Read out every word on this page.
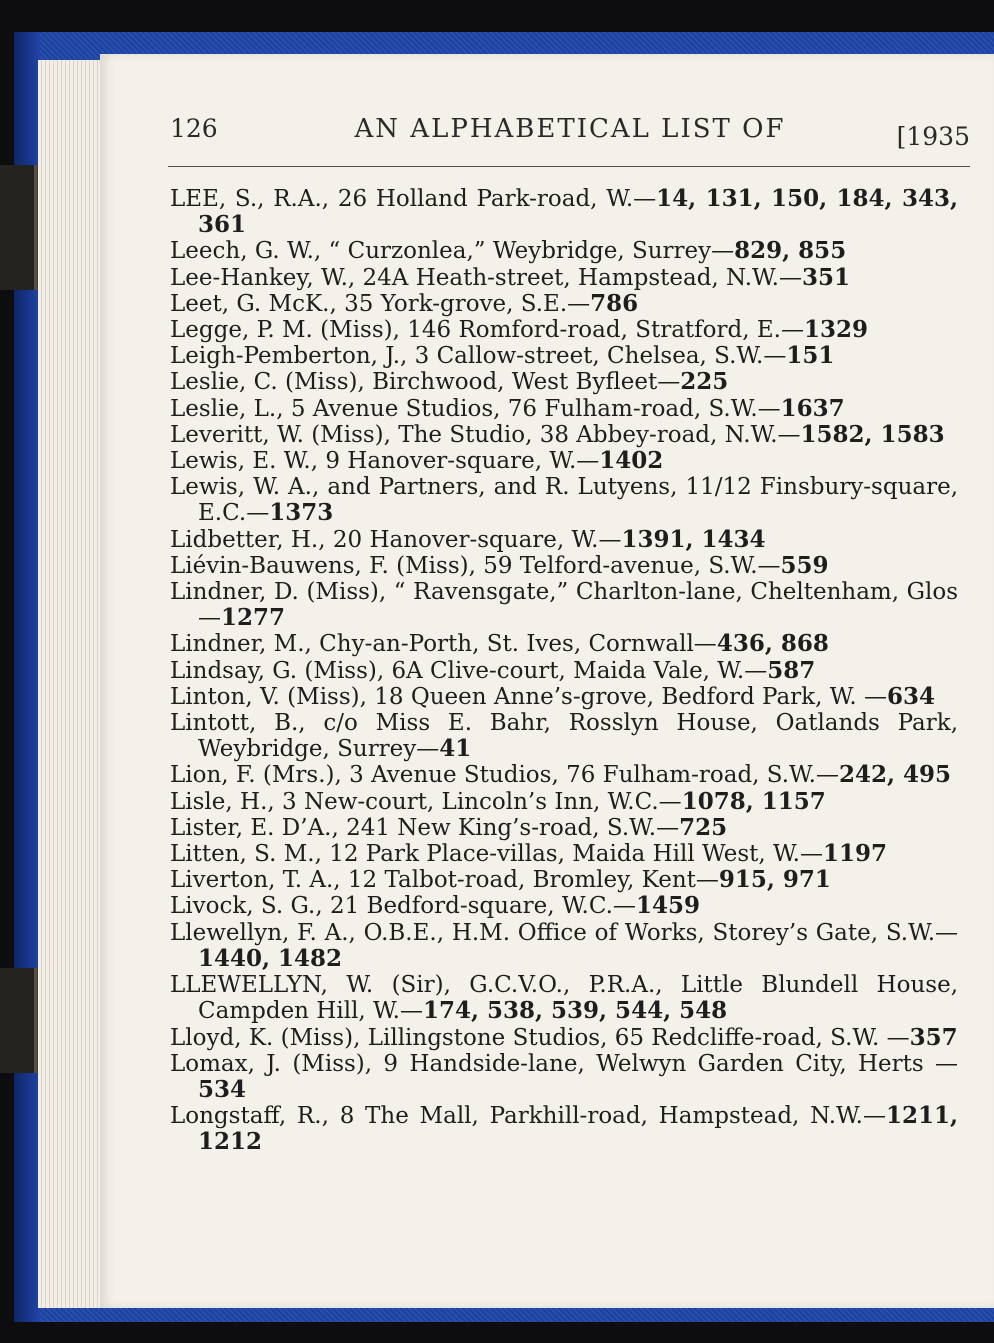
126	AN ALPHABETICAL LIST OF	[1935
LEE, S., R.A., 26 Holland Park-road, W.—14, 131, 150, 184, 343, 361
Leech, G. W., “ Curzonlea,” Weybridge, Surrey—829, 855
Lee-Hankey, W., 24A Heath-street, Hampstead, N.W.—351
Leet, G. McK., 35 York-grove, S.E.—786
Legge, P. M. (Miss), 146 Romford-road, Stratford, E.—1329
Leigh-Pemberton, J., 3 Callow-street, Chelsea, S.W.—151
Leslie, C. (Miss), Birchwood, West Byfleet—225
Leslie, L., 5 Avenue Studios, 76 Fulham-road, S.W.—1637
Leveritt, W. (Miss), The Studio, 38 Abbey-road, N.W.—1582, 1583
Lewis, E. W., 9 Hanover-square, W.—1402
Lewis, W. A., and Partners, and R. Lutyens, 11/12 Finsbury-square, E.C.—1373
Lidbetter, H., 20 Hanover-square, W.—1391, 1434
Liévin-Bauwens, F. (Miss), 59 Telford-avenue, S.W.—559
Lindner, D. (Miss), “ Ravensgate,” Charlton-lane, Cheltenham, Glos—1277
Lindner, M., Chy-an-Porth, St. Ives, Cornwall—436, 868
Lindsay, G. (Miss), 6A Clive-court, Maida Vale, W.—587
Linton, V. (Miss), 18 Queen Anne’s-grove, Bedford Park, W. —634
Lintott, B., c/o Miss E. Bahr, Rosslyn House, Oatlands Park, Weybridge, Surrey—41
Lion, F. (Mrs.), 3 Avenue Studios, 76 Fulham-road, S.W.—242, 495
Lisle, H., 3 New-court, Lincoln’s Inn, W.C.—1078, 1157
Lister, E. D’A., 241 New King’s-road, S.W.—725
Litten, S. M., 12 Park Place-villas, Maida Hill West, W.—1197
Liverton, T. A., 12 Talbot-road, Bromley, Kent—915, 971
Livock, S. G., 21 Bedford-square, W.C.—1459
Llewellyn, F. A., O.B.E., H.M. Office of Works, Storey’s Gate, S.W.—1440, 1482
LLEWELLYN, W. (Sir), G.C.V.O., P.R.A., Little Blundell House, Campden Hill, W.—174, 538, 539, 544, 548
Lloyd, K. (Miss), Lillingstone Studios, 65 Redcliffe-road, S.W. —357
Lomax, J. (Miss), 9 Handside-lane, Welwyn Garden City, Herts —534
Longstaff, R., 8 The Mall, Parkhill-road, Hampstead, N.W.—1211, 1212
